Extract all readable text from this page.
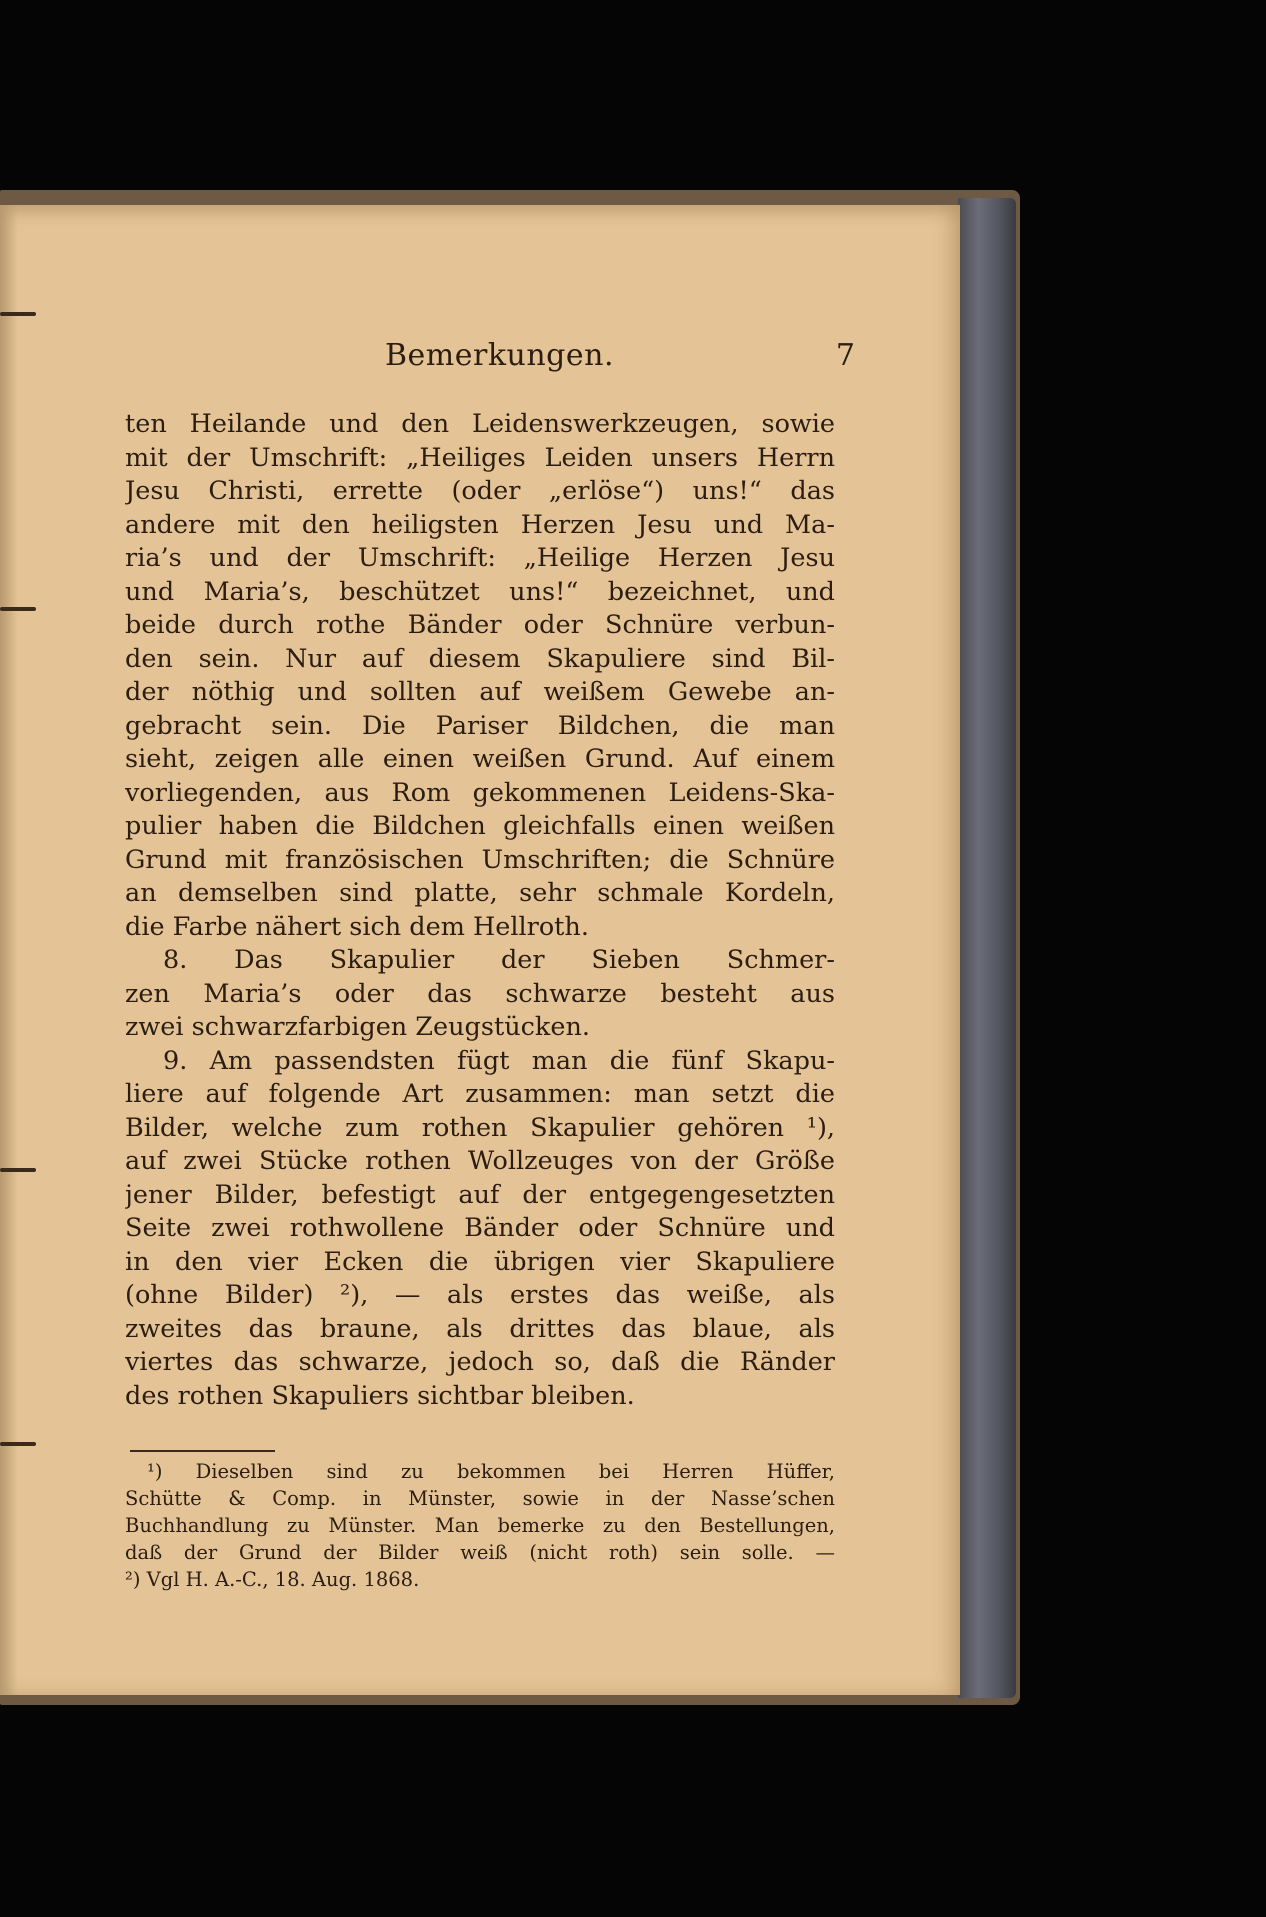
Bemerkungen.	7
ten Heilande und den Leidenswerkzeugen, sowie
mit der Umschrift: „Heiliges Leiden unsers Herrn
Jesu Christi, errette (oder „erlöse“) uns!“ das
andere mit den heiligsten Herzen Jesu und Ma-
ria’s und der Umschrift: „Heilige Herzen Jesu
und Maria’s, beschützet uns!“ bezeichnet, und
beide durch rothe Bänder oder Schnüre verbun-
den sein. Nur auf diesem Skapuliere sind Bil-
der nöthig und sollten auf weißem Gewebe an-
gebracht sein. Die Pariser Bildchen, die man
sieht, zeigen alle einen weißen Grund. Auf einem
vorliegenden, aus Rom gekommenen Leidens-Ska-
pulier haben die Bildchen gleichfalls einen weißen
Grund mit französischen Umschriften; die Schnüre
an demselben sind platte, sehr schmale Kordeln,
die Farbe nähert sich dem Hellroth.
8. Das Skapulier der Sieben Schmer-
zen Maria’s oder das schwarze besteht aus
zwei schwarzfarbigen Zeugstücken.
9. Am passendsten fügt man die fünf Skapu-
liere auf folgende Art zusammen: man setzt die
Bilder, welche zum rothen Skapulier gehören ¹),
auf zwei Stücke rothen Wollzeuges von der Größe
jener Bilder, befestigt auf der entgegengesetzten
Seite zwei rothwollene Bänder oder Schnüre und
in den vier Ecken die übrigen vier Skapuliere
(ohne Bilder) ²), — als erstes das weiße, als
zweites das braune, als drittes das blaue, als
viertes das schwarze, jedoch so, daß die Ränder
des rothen Skapuliers sichtbar bleiben.
¹) Dieselben sind zu bekommen bei Herren Hüffer,
Schütte & Comp. in Münster, sowie in der Nasse’schen
Buchhandlung zu Münster. Man bemerke zu den Bestellungen,
daß der Grund der Bilder weiß (nicht roth) sein solle. —
²) Vgl H. A.-C., 18. Aug. 1868.
